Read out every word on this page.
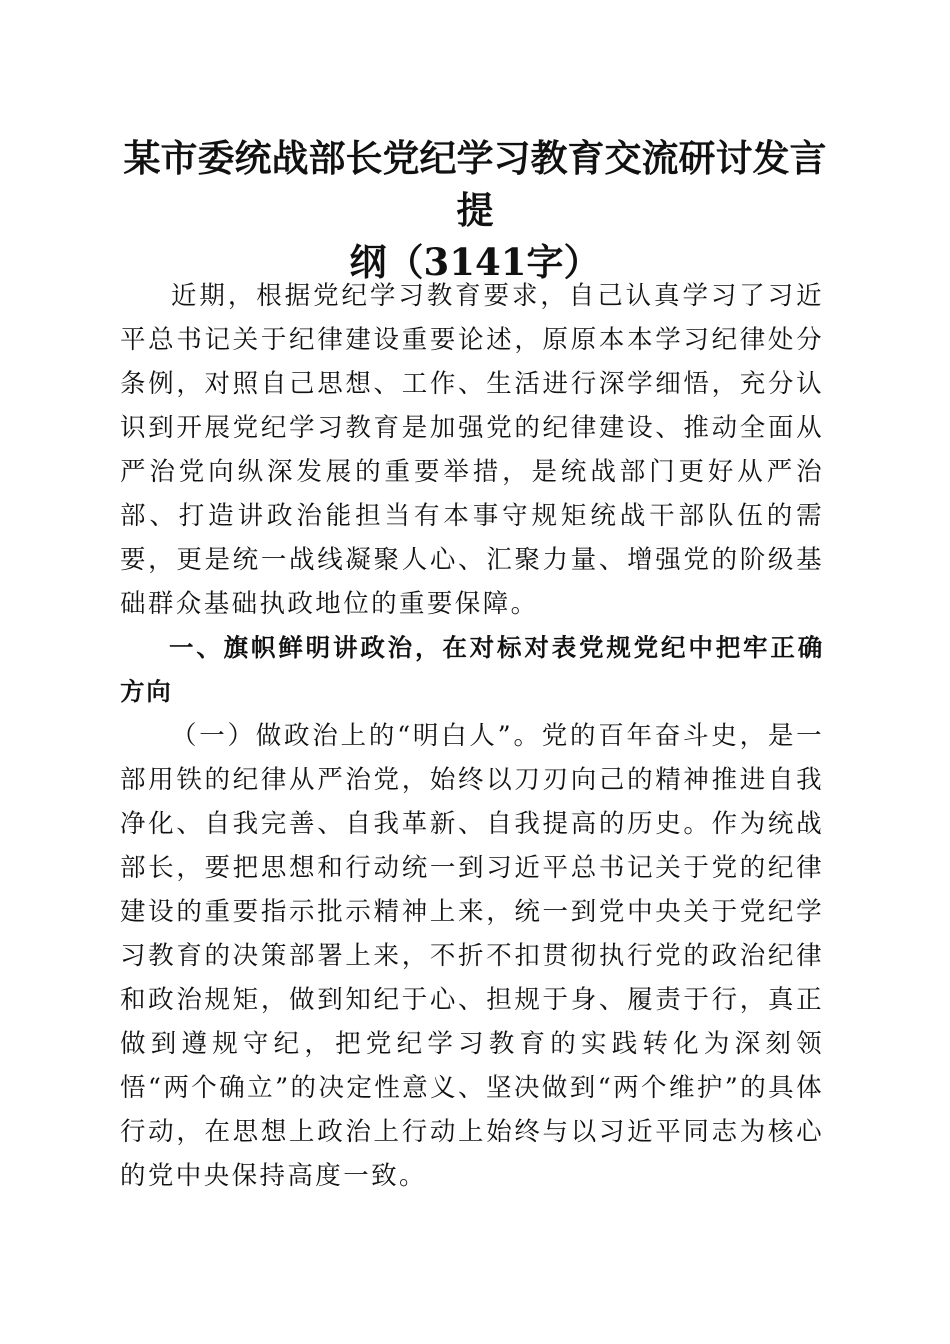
某市委统战部长党纪学习教育交流研讨发言提
纲（3141字）

近期，根据党纪学习教育要求，自己认真学习了习近平总书记关于纪律建设重要论述，原原本本学习纪律处分条例，对照自己思想、工作、生活进行深学细悟，充分认识到开展党纪学习教育是加强党的纪律建设、推动全面从严治党向纵深发展的重要举措，是统战部门更好从严治部、打造讲政治能担当有本事守规矩统战干部队伍的需要，更是统一战线凝聚人心、汇聚力量、增强党的阶级基础群众基础执政地位的重要保障。

一、旗帜鲜明讲政治，在对标对表党规党纪中把牢正确方向

（一）做政治上的“明白人”。党的百年奋斗史，是一部用铁的纪律从严治党，始终以刀刃向己的精神推进自我净化、自我完善、自我革新、自我提高的历史。作为统战部长，要把思想和行动统一到习近平总书记关于党的纪律建设的重要指示批示精神上来，统一到党中央关于党纪学习教育的决策部署上来，不折不扣贯彻执行党的政治纪律和政治规矩，做到知纪于心、担规于身、履责于行，真正做到遵规守纪，把党纪学习教育的实践转化为深刻领悟“两个确立”的决定性意义、坚决做到“两个维护”的具体行动，在思想上政治上行动上始终与以习近平同志为核心的党中央保持高度一致。
